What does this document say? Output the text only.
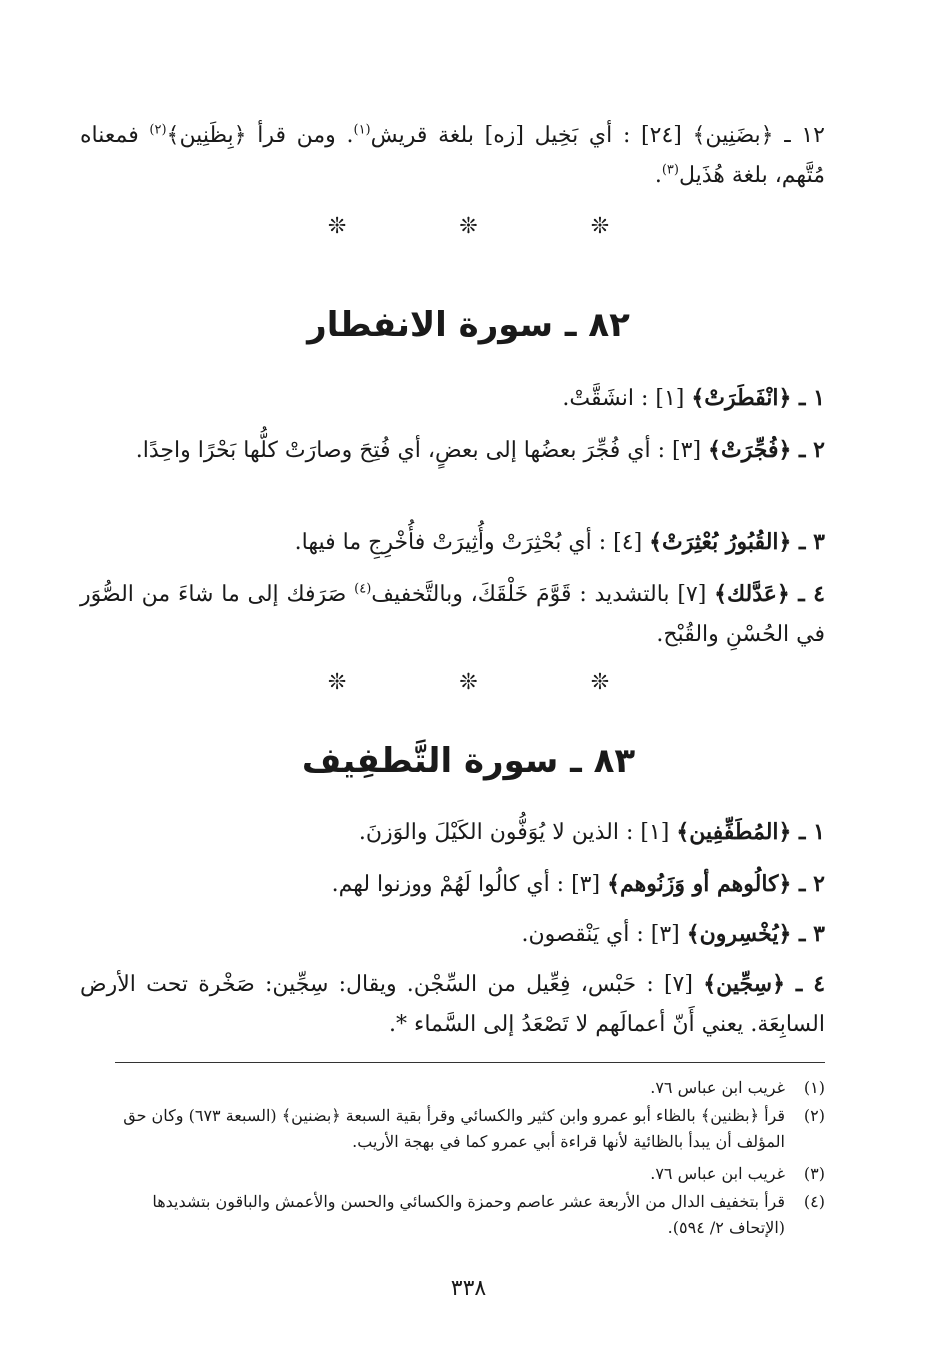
١٢ ـ ﴿بضَنِين﴾ [٢٤] : أي بَخِيل [زه] بلغة قريش$^{(١)}$. ومن قرأ ﴿بِظَنِين﴾$^{(٢)}$ فمعناه مُتَّهم، بلغة هُذَيل$^{(٣)}$.
❊ ❊ ❊
٨٢ ـ سورة الانفطار
١ ـ ﴿انْفَطَرَتْ﴾ [١] : انشَقَّتْ.
٢ ـ ﴿فُجِّرَتْ﴾ [٣] : أي فُجِّرَ بعضُها إلى بعضٍ، أي فُتِحَ وصارَتْ كلُّها بَحْرًا واحِدًا.
٣ ـ ﴿القُبُورُ بُعْثِرَتْ﴾ [٤] : أي بُحْثِرَتْ وأُثِيرَتْ فأُخْرِجِ ما فيها.
٤ ـ ﴿عَدَّلك﴾ [٧] بالتشديد : قَوَّمَ خَلْقَكَ، وبالتَّخفيف$^{(٤)}$ صَرَفك إلى ما شاءَ من الصُّوَر في الحُسْنِ والقُبْح.
❊ ❊ ❊
٨٣ ـ سورة التَّطفِيف
١ ـ ﴿المُطَفِّفِين﴾ [١] : الذين لا يُوَفُّون الكَيْلَ والوَزنَ.
٢ ـ ﴿كالُوهم أو وَزَنُوهم﴾ [٣] : أي كالُوا لَهُمْ ووزنوا لهم.
٣ ـ ﴿يُخْسِرون﴾ [٣] : أي يَنْقصون.
٤ ـ ﴿سِجِّين﴾ [٧] : حَبْس، فِعِّيل من السِّجْن. ويقال: سِجِّين: صَخْرة تحت الأرض السابِعَة. يعني أَنّ أعمالَهم لا تَصْعَدُ إلى السَّماء *.
(١)غريب ابن عباس ٧٦.
(٢)قرأ ﴿بظنين﴾ بالظاء أبو عمرو وابن كثير والكسائي وقرأ بقية السبعة ﴿بضنين﴾ (السبعة ٦٧٣) وكان حق
المؤلف أن يبدأ بالظائية لأنها قراءة أبي عمرو كما في بهجة الأريب.
(٣)غريب ابن عباس ٧٦.
(٤)قرأ بتخفيف الدال من الأربعة عشر عاصم وحمزة والكسائي والحسن والأعمش والباقون بتشديدها
(الإتحاف ٢/ ٥٩٤).
٣٣٨
